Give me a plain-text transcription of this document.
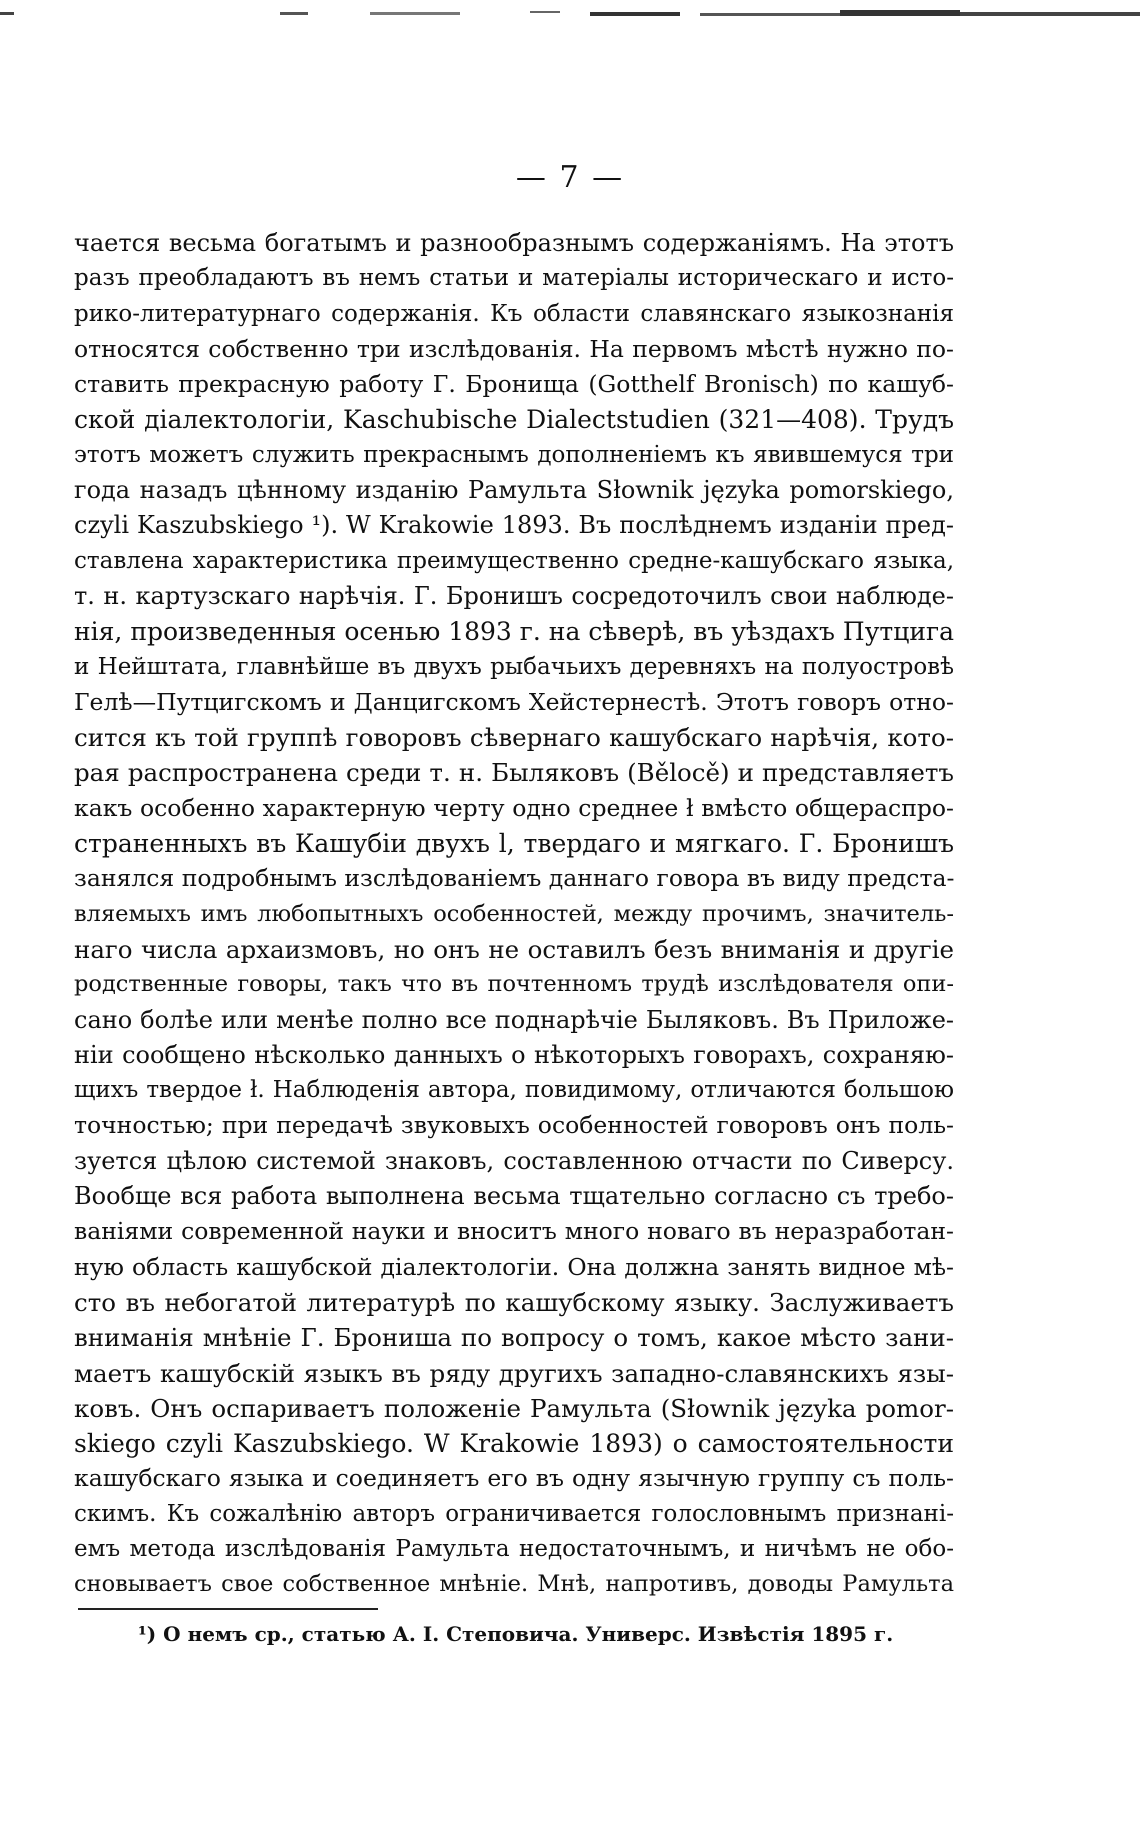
— 7 —
чается весьма богатымъ и разнообразнымъ содержаніямъ. На этотъ
разъ преобладаютъ въ немъ статьи и матеріалы историческаго и исто-
рико-литературнаго содержанія. Къ области славянскаго языкознанія
относятся собственно три изслѣдованія. На первомъ мѣстѣ нужно по-
ставить прекрасную работу Г. Бронища (Gotthelf Bronisch) по кашуб-
ской діалектологіи, Kaschubische Dialectstudien (321—408). Трудъ
этотъ можетъ служить прекраснымъ дополненіемъ къ явившемуся три
года назадъ цѣнному изданію Рамульта Słownik języka pomorskiego,
czyli Kaszubskiego ¹). W Krakowie 1893. Въ послѣднемъ изданіи пред-
ставлена характеристика преимущественно средне-кашубскаго языка,
т. н. картузскаго нарѣчія. Г. Бронишъ сосредоточилъ свои наблюде-
нія, произведенныя осенью 1893 г. на сѣверѣ, въ уѣздахъ Путцига
и Нейштата, главнѣйше въ двухъ рыбачьихъ деревняхъ на полуостровѣ
Гелѣ—Путцигскомъ и Данцигскомъ Хейстернестѣ. Этотъ говоръ отно-
сится къ той группѣ говоровъ сѣвернаго кашубскаго нарѣчія, кото-
рая распространена среди т. н. Быляковъ (Bělocě) и представляетъ
какъ особенно характерную черту одно среднее ł вмѣсто общераспро-
страненныхъ въ Кашубіи двухъ l, твердаго и мягкаго. Г. Бронишъ
занялся подробнымъ изслѣдованіемъ даннаго говора въ виду предста-
вляемыхъ имъ любопытныхъ особенностей, между прочимъ, значитель-
наго числа архаизмовъ, но онъ не оставилъ безъ вниманія и другіе
родственные говоры, такъ что въ почтенномъ трудѣ изслѣдователя опи-
сано болѣе или менѣе полно все поднарѣчіе Быляковъ. Въ Приложе-
ніи сообщено нѣсколько данныхъ о нѣкоторыхъ говорахъ, сохраняю-
щихъ твердое ł. Наблюденія автора, повидимому, отличаются большою
точностью; при передачѣ звуковыхъ особенностей говоровъ онъ поль-
зуется цѣлою системой знаковъ, составленною отчасти по Сиверсу.
Вообще вся работа выполнена весьма тщательно согласно съ требо-
ваніями современной науки и вноситъ много новаго въ неразработан-
ную область кашубской діалектологіи. Она должна занять видное мѣ-
сто въ небогатой литературѣ по кашубскому языку. Заслуживаетъ
вниманія мнѣніе Г. Брониша по вопросу о томъ, какое мѣсто зани-
маетъ кашубскій языкъ въ ряду другихъ западно-славянскихъ язы-
ковъ. Онъ оспариваетъ положеніе Рамульта (Słownik języka pomor-
skiego czyli Kaszubskiego. W Krakowie 1893) о самостоятельности
кашубскаго языка и соединяетъ его въ одну язычную группу съ поль-
скимъ. Къ сожалѣнію авторъ ограничивается голословнымъ признані-
емъ метода изслѣдованія Рамульта недостаточнымъ, и ничѣмъ не обо-
сновываетъ свое собственное мнѣніе. Мнѣ, напротивъ, доводы Рамульта
¹) О немъ ср., статью А. І. Степовича. Универс. Извѣстія 1895 г.
